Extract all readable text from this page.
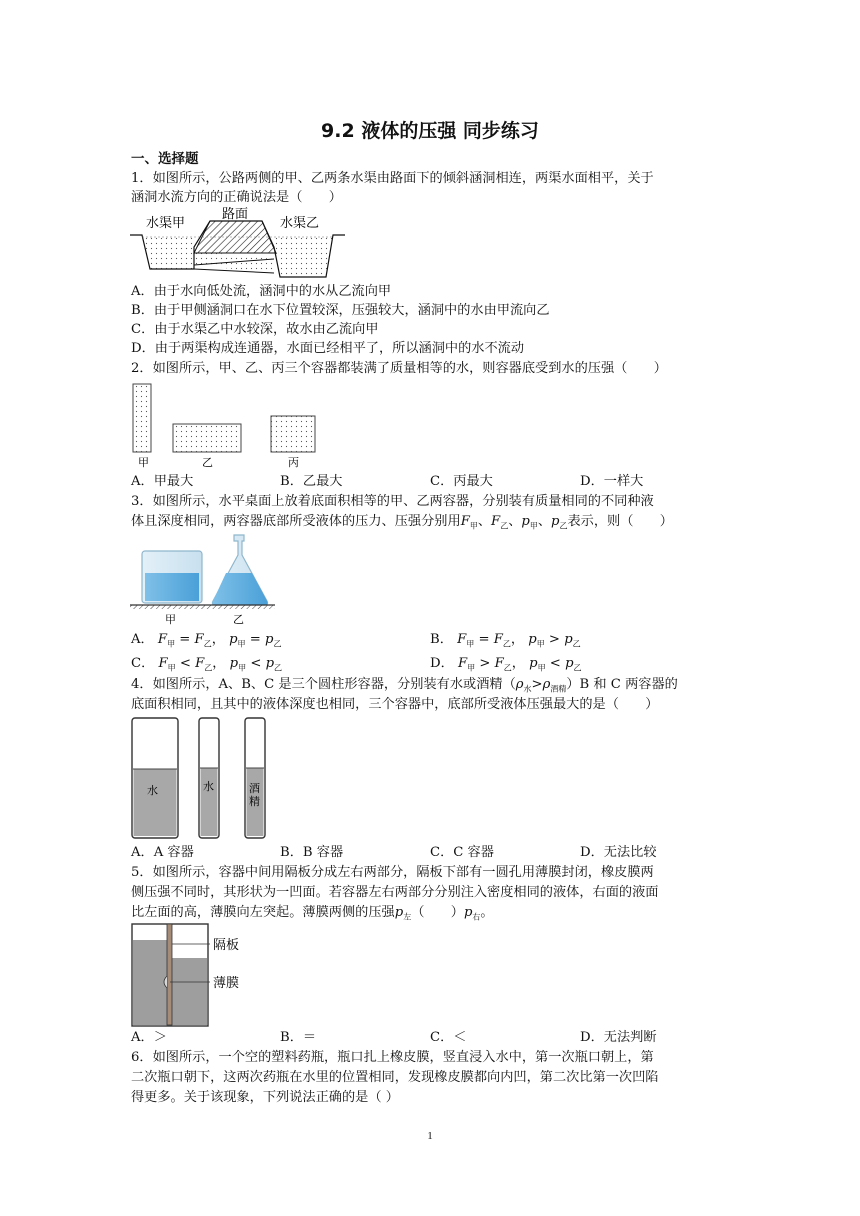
9.2 液体的压强 同步练习
一、选择题
1．如图所示，公路两侧的甲、乙两条水渠由路面下的倾斜涵洞相连，两渠水面相平，关于
涵洞水流方向的正确说法是（　　）
水渠甲
路面
水渠乙
A．由于水向低处流，涵洞中的水从乙流向甲
B．由于甲侧涵洞口在水下位置较深，压强较大，涵洞中的水由甲流向乙
C．由于水渠乙中水较深，故水由乙流向甲
D．由于两渠构成连通器，水面已经相平了，所以涵洞中的水不流动
2．如图所示，甲、乙、丙三个容器都装满了质量相等的水，则容器底受到水的压强（　　）
甲	乙	丙
A．甲最大	B．乙最大	C．丙最大	D．一样大
3．如图所示，水平桌面上放着底面积相等的甲、乙两容器，分别装有质量相同的不同种液
体且深度相同，两容器底部所受液体的压力、压强分别用$F_甲$、$F_乙$、$p_甲$、$p_乙$表示，则（　　）
甲	乙
A． $F_甲 = F_乙$， $p_甲 = p_乙$	B． $F_甲 = F_乙$， $p_甲 > p_乙$
C． $F_甲 < F_乙$， $p_甲 < p_乙$	D． $F_甲 > F_乙$， $p_甲 < p_乙$
4．如图所示，A、B、C 是三个圆柱形容器，分别装有水或酒精$(\rho_水>\rho_{酒精})B$ 和 C 两容器的
底面积相同，且其中的液体深度也相同，三个容器中，底部所受液体压强最大的是（　　）
水	水	酒
精
A．A 容器	B．B 容器	C．C 容器	D．无法比较
5．如图所示，容器中间用隔板分成左右两部分，隔板下部有一圆孔用薄膜封闭，橡皮膜两
侧压强不同时，其形状为一凹面。若容器左右两部分分别注入密度相同的液体，右面的液面
比左面的高，薄膜向左突起。薄膜两侧的压强$p_左$（　　）$p_右$。
隔板
薄膜
A．＞	B．＝	C．＜	D．无法判断
6．如图所示，一个空的塑料药瓶，瓶口扎上橡皮膜，竖直浸入水中，第一次瓶口朝上，第
二次瓶口朝下，这两次药瓶在水里的位置相同，发现橡皮膜都向内凹，第二次比第一次凹陷
得更多。关于该现象，下列说法正确的是（ ）
1
